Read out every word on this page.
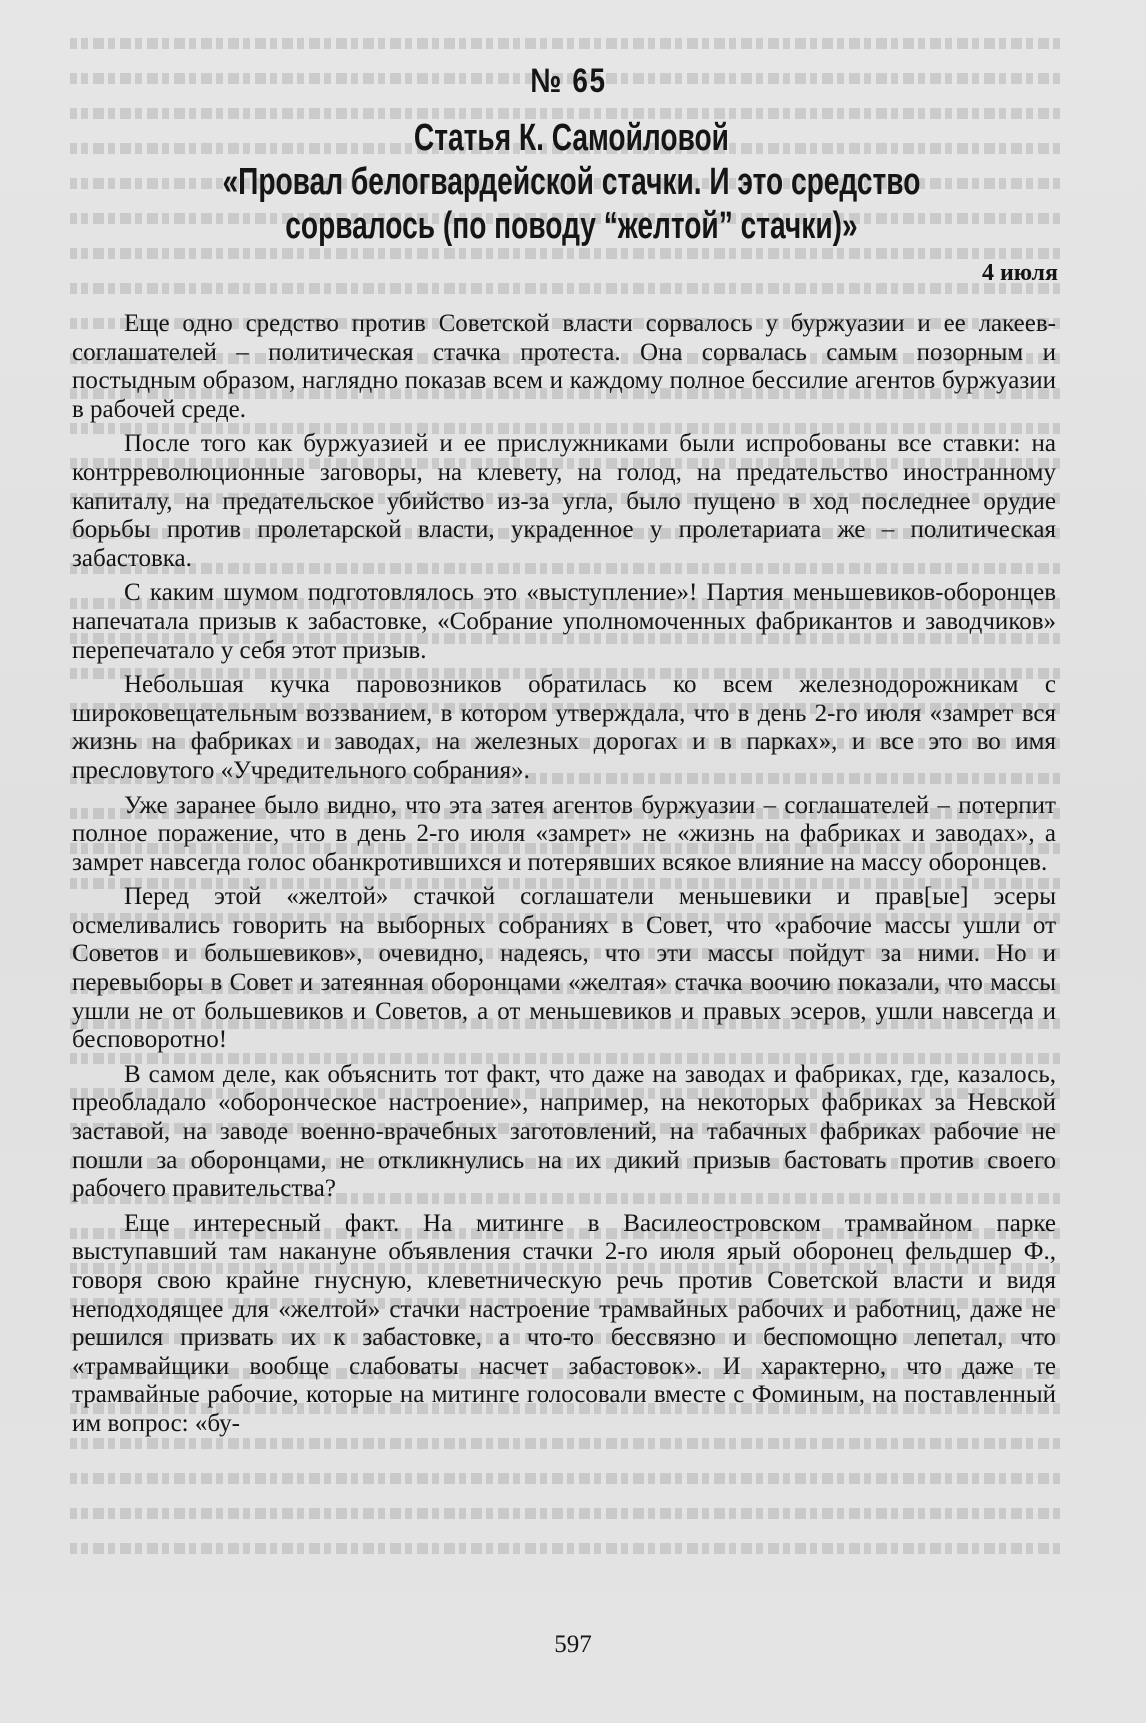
№ 65
Статья К. Самойловой
«Провал белогвардейской стачки. И это средство
сорвалось (по поводу “желтой” стачки)»
4 июля

Еще одно средство против Советской власти сорвалось у буржуазии и ее лакеев-соглашателей – политическая стачка протеста. Она сорвалась самым позорным и постыдным образом, наглядно показав всем и каждому полное бессилие агентов буржуазии в рабочей среде.

После того как буржуазией и ее прислужниками были испробованы все ставки: на контрреволюционные заговоры, на клевету, на голод, на предательство иностранному капиталу, на предательское убийство из-за угла, было пущено в ход последнее орудие борьбы против пролетарской власти, украденное у пролетариата же – политическая забастовка.

С каким шумом подготовлялось это «выступление»! Партия меньшевиков-оборонцев напечатала призыв к забастовке, «Собрание уполномоченных фабрикантов и заводчиков» перепечатало у себя этот призыв.

Небольшая кучка паровозников обратилась ко всем железнодорожникам с широковещательным воззванием, в котором утверждала, что в день 2-го июля «замрет вся жизнь на фабриках и заводах, на железных дорогах и в парках», и все это во имя пресловутого «Учредительного собрания».

Уже заранее было видно, что эта затея агентов буржуазии – соглашателей – потерпит полное поражение, что в день 2-го июля «замрет» не «жизнь на фабриках и заводах», а замрет навсегда голос обанкротившихся и потерявших всякое влияние на массу оборонцев.

Перед этой «желтой» стачкой соглашатели меньшевики и прав[ые] эсеры осмеливались говорить на выборных собраниях в Совет, что «рабочие массы ушли от Советов и большевиков», очевидно, надеясь, что эти массы пойдут за ними. Но и перевыборы в Совет и затеянная оборонцами «желтая» стачка воочию показали, что массы ушли не от большевиков и Советов, а от меньшевиков и правых эсеров, ушли навсегда и бесповоротно!

В самом деле, как объяснить тот факт, что даже на заводах и фабриках, где, казалось, преобладало «оборонческое настроение», например, на некоторых фабриках за Невской заставой, на заводе военно-врачебных заготовлений, на табачных фабриках рабочие не пошли за оборонцами, не откликнулись на их дикий призыв бастовать против своего рабочего правительства?

Еще интересный факт. На митинге в Василеостровском трамвайном парке выступавший там накануне объявления стачки 2-го июля ярый оборонец фельдшер Ф., говоря свою крайне гнусную, клеветническую речь против Советской власти и видя неподходящее для «желтой» стачки настроение трамвайных рабочих и работниц, даже не решился призвать их к забастовке, а что-то бессвязно и беспомощно лепетал, что «трамвайщики вообще слабоваты насчет забастовок». И характерно, что даже те трамвайные рабочие, которые на митинге голосовали вместе с Фоминым, на поставленный им вопрос: «бу-

597
